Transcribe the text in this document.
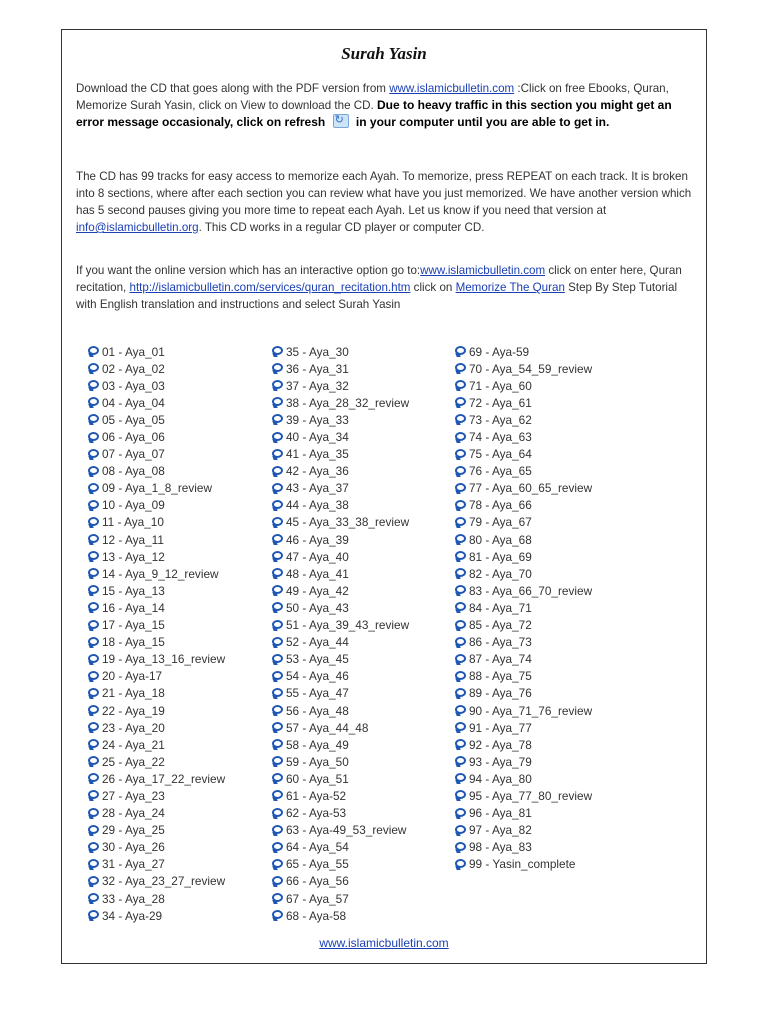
Surah Yasin
Download the CD that goes along with the PDF version from www.islamicbulletin.com :Click on free Ebooks, Quran, Memorize Surah Yasin, click on View to download the CD. Due to heavy traffic in this section you might get an error message occasionaly, click on refresh ↻ in your computer until you are able to get in.
The CD has 99 tracks for easy access to memorize each Ayah. To memorize, press REPEAT on each track. It is broken into 8 sections, where after each section you can review what have you just memorized. We have another version which has 5 second pauses giving you more time to repeat each Ayah. Let us know if you need that version at info@islamicbulletin.org. This CD works in a regular CD player or computer CD.
If you want the online version which has an interactive option go to:www.islamicbulletin.com click on enter here, Quran recitation, http://islamicbulletin.com/services/quran_recitation.htm click on Memorize The Quran Step By Step Tutorial with English translation and instructions and select Surah Yasin
01 - Aya_01
02 - Aya_02
03 - Aya_03
04 - Aya_04
05 - Aya_05
06 - Aya_06
07 - Aya_07
08 - Aya_08
09 - Aya_1_8_review
10 - Aya_09
11 - Aya_10
12 - Aya_11
13 - Aya_12
14 - Aya_9_12_review
15 - Aya_13
16 - Aya_14
17 - Aya_15
18 - Aya_15
19 - Aya_13_16_review
20 - Aya-17
21 - Aya_18
22 - Aya_19
23 - Aya_20
24 - Aya_21
25 - Aya_22
26 - Aya_17_22_review
27 - Aya_23
28 - Aya_24
29 - Aya_25
30 - Aya_26
31 - Aya_27
32 - Aya_23_27_review
33 - Aya_28
34 - Aya-29
35 - Aya_30
36 - Aya_31
37 - Aya_32
38 - Aya_28_32_review
39 - Aya_33
40 - Aya_34
41 - Aya_35
42 - Aya_36
43 - Aya_37
44 - Aya_38
45 - Aya_33_38_review
46 - Aya_39
47 - Aya_40
48 - Aya_41
49 - Aya_42
50 - Aya_43
51 - Aya_39_43_review
52 - Aya_44
53 - Aya_45
54 - Aya_46
55 - Aya_47
56 - Aya_48
57 - Aya_44_48
58 - Aya_49
59 - Aya_50
60 - Aya_51
61 - Aya-52
62 - Aya-53
63 - Aya-49_53_review
64 - Aya_54
65 - Aya_55
66 - Aya_56
67 - Aya_57
68 - Aya-58
69 - Aya-59
70 - Aya_54_59_review
71 - Aya_60
72 - Aya_61
73 - Aya_62
74 - Aya_63
75 - Aya_64
76 - Aya_65
77 - Aya_60_65_review
78 - Aya_66
79 - Aya_67
80 - Aya_68
81 - Aya_69
82 - Aya_70
83 - Aya_66_70_review
84 - Aya_71
85 - Aya_72
86 - Aya_73
87 - Aya_74
88 - Aya_75
89 - Aya_76
90 - Aya_71_76_review
91 - Aya_77
92 - Aya_78
93 - Aya_79
94 - Aya_80
95 - Aya_77_80_review
96 - Aya_81
97 - Aya_82
98 - Aya_83
99 - Yasin_complete
www.islamicbulletin.com
